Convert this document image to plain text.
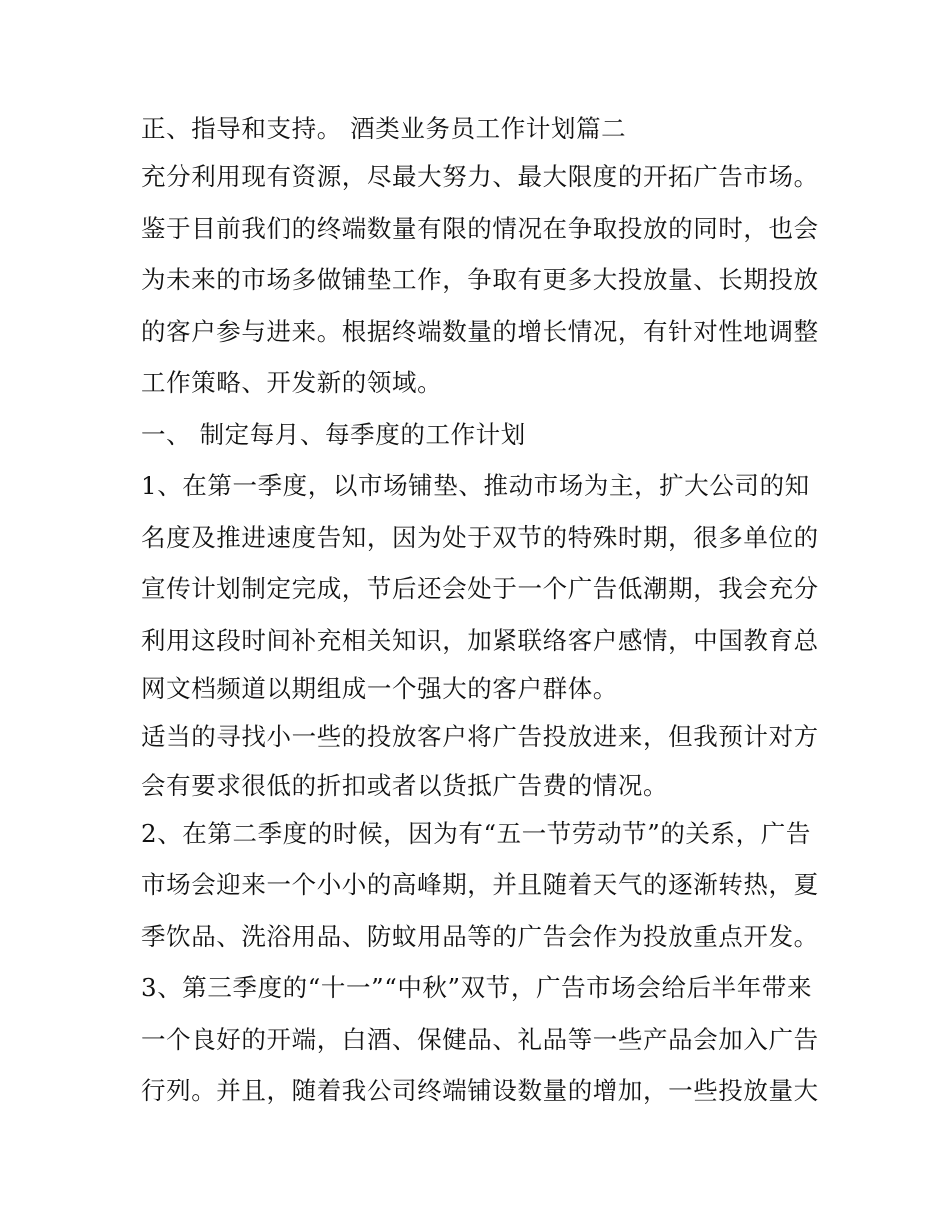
正、指导和支持。 酒类业务员工作计划篇二
充分利用现有资源，尽最大努力、最大限度的开拓广告市场。
鉴于目前我们的终端数量有限的情况在争取投放的同时，也会
为未来的市场多做铺垫工作，争取有更多大投放量、长期投放
的客户参与进来。根据终端数量的增长情况，有针对性地调整
工作策略、开发新的领域。
一、 制定每月、每季度的工作计划
1、在第一季度，以市场铺垫、推动市场为主，扩大公司的知
名度及推进速度告知，因为处于双节的特殊时期，很多单位的
宣传计划制定完成，节后还会处于一个广告低潮期，我会充分
利用这段时间补充相关知识，加紧联络客户感情，中国教育总
网文档频道以期组成一个强大的客户群体。
适当的寻找小一些的投放客户将广告投放进来，但我预计对方
会有要求很低的折扣或者以货抵广告费的情况。
2、在第二季度的时候，因为有“五一节劳动节”的关系，广告
市场会迎来一个小小的高峰期，并且随着天气的逐渐转热，夏
季饮品、洗浴用品、防蚊用品等的广告会作为投放重点开发。
3、第三季度的“十一”“中秋”双节，广告市场会给后半年带来
一个良好的开端，白酒、保健品、礼品等一些产品会加入广告
行列。并且，随着我公司终端铺设数量的增加，一些投放量大
